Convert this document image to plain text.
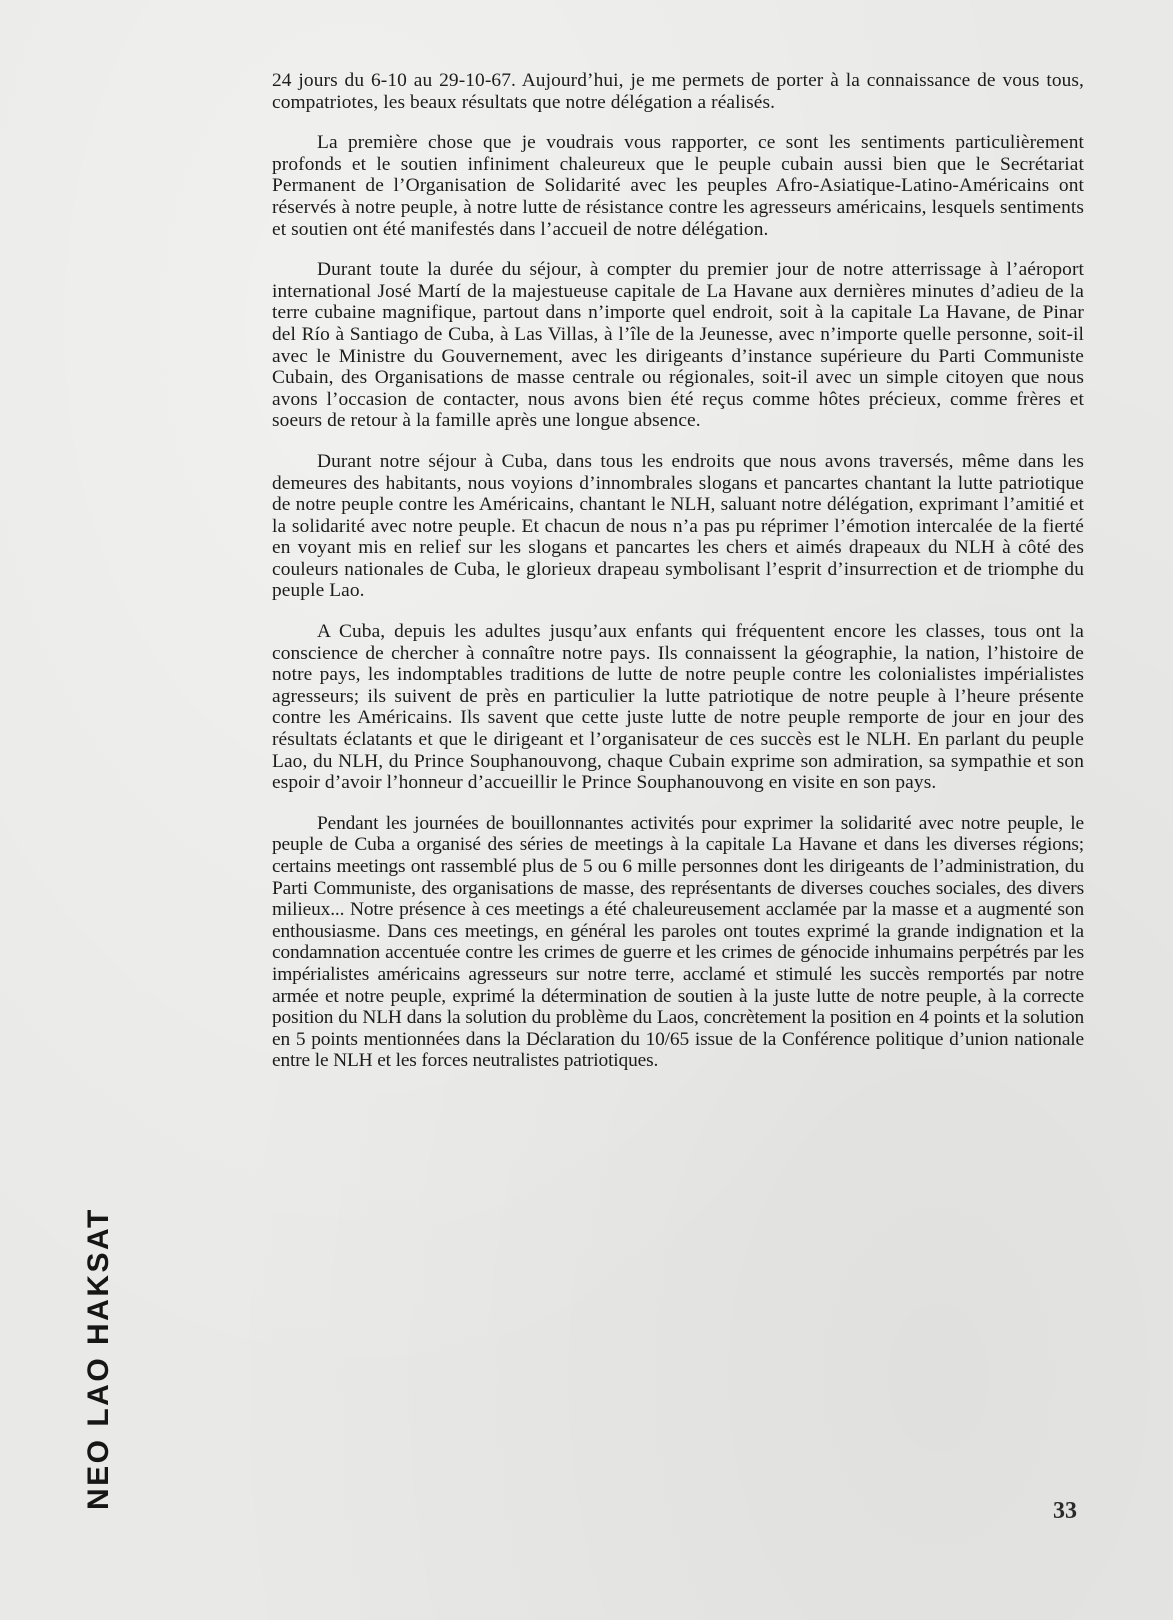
24 jours du 6-10 au 29-10-67. Aujourd’hui, je me permets de porter à la connaissance de vous tous, compatriotes, les beaux résultats que notre délégation a réalisés.

La première chose que je voudrais vous rapporter, ce sont les sentiments particulièrement profonds et le soutien infiniment chaleureux que le peuple cubain aussi bien que le Secrétariat Permanent de l’Organisation de Solidarité avec les peuples Afro-Asiatique-Latino-Américains ont réservés à notre peuple, à notre lutte de résistance contre les agresseurs américains, lesquels sentiments et soutien ont été manifestés dans l’accueil de notre délégation.

Durant toute la durée du séjour, à compter du premier jour de notre atterrissage à l’aéroport international José Martí de la majestueuse capitale de La Havane aux dernières minutes d’adieu de la terre cubaine magnifique, partout dans n’importe quel endroit, soit à la capitale La Havane, de Pinar del Río à Santiago de Cuba, à Las Villas, à l’île de la Jeunesse, avec n’importe quelle personne, soit-il avec le Ministre du Gouvernement, avec les dirigeants d’instance supérieure du Parti Communiste Cubain, des Organisations de masse centrale ou régionales, soit-il avec un simple citoyen que nous avons l’occasion de contacter, nous avons bien été reçus comme hôtes précieux, comme frères et soeurs de retour à la famille après une longue absence.

Durant notre séjour à Cuba, dans tous les endroits que nous avons traversés, même dans les demeures des habitants, nous voyions d’innombrales slogans et pancartes chantant la lutte patriotique de notre peuple contre les Américains, chantant le NLH, saluant notre délégation, exprimant l’amitié et la solidarité avec notre peuple. Et chacun de nous n’a pas pu réprimer l’émotion intercalée de la fierté en voyant mis en relief sur les slogans et pancartes les chers et aimés drapeaux du NLH à côté des couleurs nationales de Cuba, le glorieux drapeau symbolisant l’esprit d’insurrection et de triomphe du peuple Lao.

A Cuba, depuis les adultes jusqu’aux enfants qui fréquentent encore les classes, tous ont la conscience de chercher à connaître notre pays. Ils connaissent la géographie, la nation, l’histoire de notre pays, les indomptables traditions de lutte de notre peuple contre les colonialistes impérialistes agresseurs; ils suivent de près en particulier la lutte patriotique de notre peuple à l’heure présente contre les Américains. Ils savent que cette juste lutte de notre peuple remporte de jour en jour des résultats éclatants et que le dirigeant et l’organisateur de ces succès est le NLH. En parlant du peuple Lao, du NLH, du Prince Souphanouvong, chaque Cubain exprime son admiration, sa sympathie et son espoir d’avoir l’honneur d’accueillir le Prince Souphanouvong en visite en son pays.

Pendant les journées de bouillonnantes activités pour exprimer la solidarité avec notre peuple, le peuple de Cuba a organisé des séries de meetings à la capitale La Havane et dans les diverses régions; certains meetings ont rassemblé plus de 5 ou 6 mille personnes dont les dirigeants de l’administration, du Parti Communiste, des organisations de masse, des représentants de diverses couches sociales, des divers milieux... Notre présence à ces meetings a été chaleureusement acclamée par la masse et a augmenté son enthousiasme. Dans ces meetings, en général les paroles ont toutes exprimé la grande indignation et la condamnation accentuée contre les crimes de guerre et les crimes de génocide inhumains perpétrés par les impérialistes américains agresseurs sur notre terre, acclamé et stimulé les succès remportés par notre armée et notre peuple, exprimé la détermination de soutien à la juste lutte de notre peuple, à la correcte position du NLH dans la solution du problème du Laos, concrètement la position en 4 points et la solution en 5 points mentionnées dans la Déclaration du 10/65 issue de la Conférence politique d’union nationale entre le NLH et les forces neutralistes patriotiques.

NEO LAO HAKSAT
33
